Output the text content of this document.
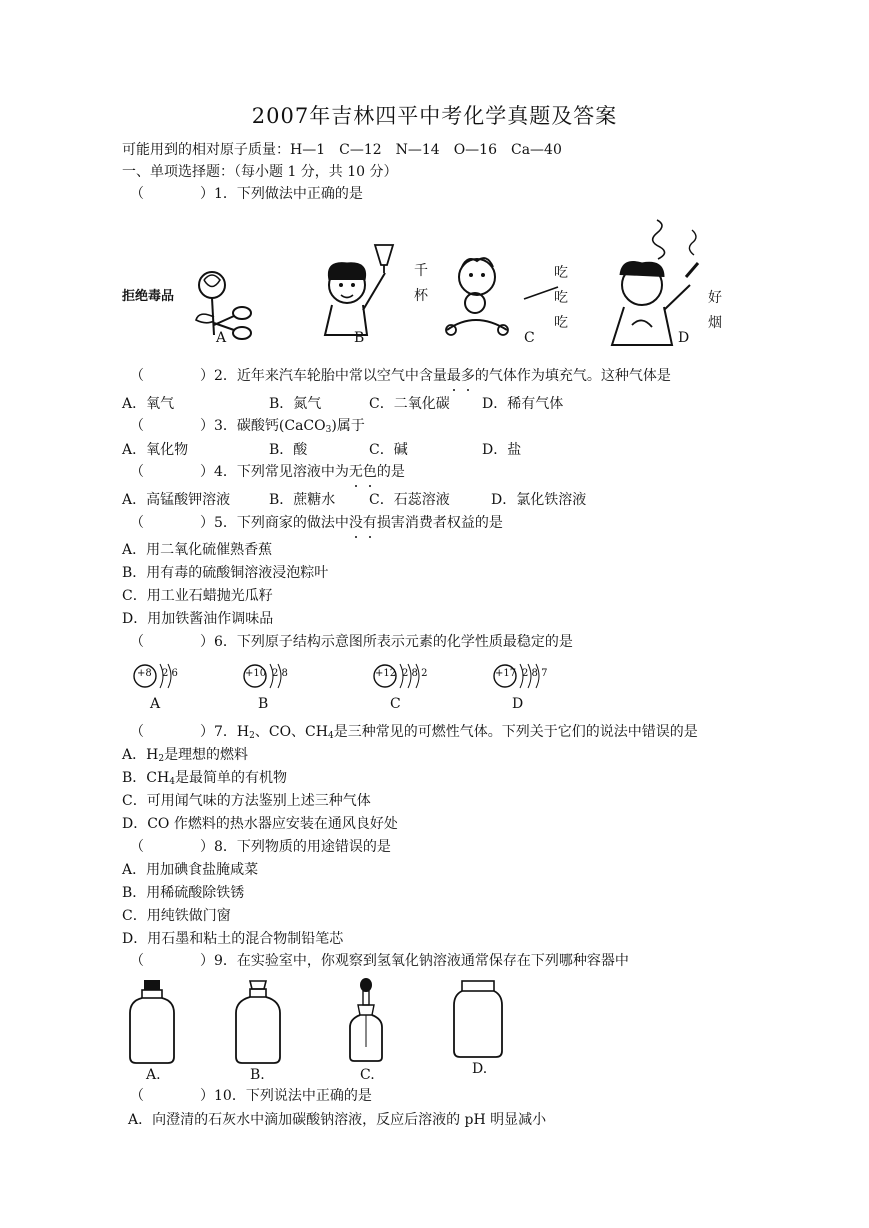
2007年吉林四平中考化学真题及答案
可能用到的相对原子质量：H—1　C—12　N—14　O—16　Ca—40
一、单项选择题：（每小题 1 分，共 10 分）
（　　　　）1．下列做法中正确的是
拒绝毒品
千
杯
吃
吃
吃
好
烟
A	B	C	D
（　　　　）2．近年来汽车轮胎中常以空气中含量最多的气体作为填充气。这种气体是
A．氧气	B．氮气	C．二氧化碳 D．稀有气体
（　　　　）3．碳酸钙(CaCO$_3$)属于
A．氧化物	B．酸	C．碱	D．盐
（　　　　）4．下列常见溶液中为无色的是
A．高锰酸钾溶液	B．蔗糖水 C．石蕊溶液	D．氯化铁溶液
（　　　　）5．下列商家的做法中没有损害消费者权益的是
A．用二氧化硫催熟香蕉
B．用有毒的硫酸铜溶液浸泡粽叶
C．用工业石蜡抛光瓜籽
D．用加铁酱油作调味品
（　　　　）6．下列原子结构示意图所表示元素的化学性质最稳定的是
+8 2 6
A
+10 2 8
B
+12 2 8 2
C
+17 2 8 7
D
（　　　　）7．$H_2$、CO、$CH_4$是三种常见的可燃性气体。下列关于它们的说法中错误的是
A．$H_2$是理想的燃料
B．$CH_4$是最简单的有机物
C．可用闻气味的方法鉴别上述三种气体
D．CO 作燃料的热水器应安装在通风良好处
（　　　　）8．下列物质的用途错误的是
A．用加碘食盐腌咸菜
B．用稀硫酸除铁锈
C．用纯铁做门窗
D．用石墨和粘土的混合物制铅笔芯
（　　　　）9．在实验室中，你观察到氢氧化钠溶液通常保存在下列哪种容器中
A.	B.	C.	D.
（　　　　）10．下列说法中正确的是
A．向澄清的石灰水中滴加碳酸钠溶液，反应后溶液的 pH 明显减小
